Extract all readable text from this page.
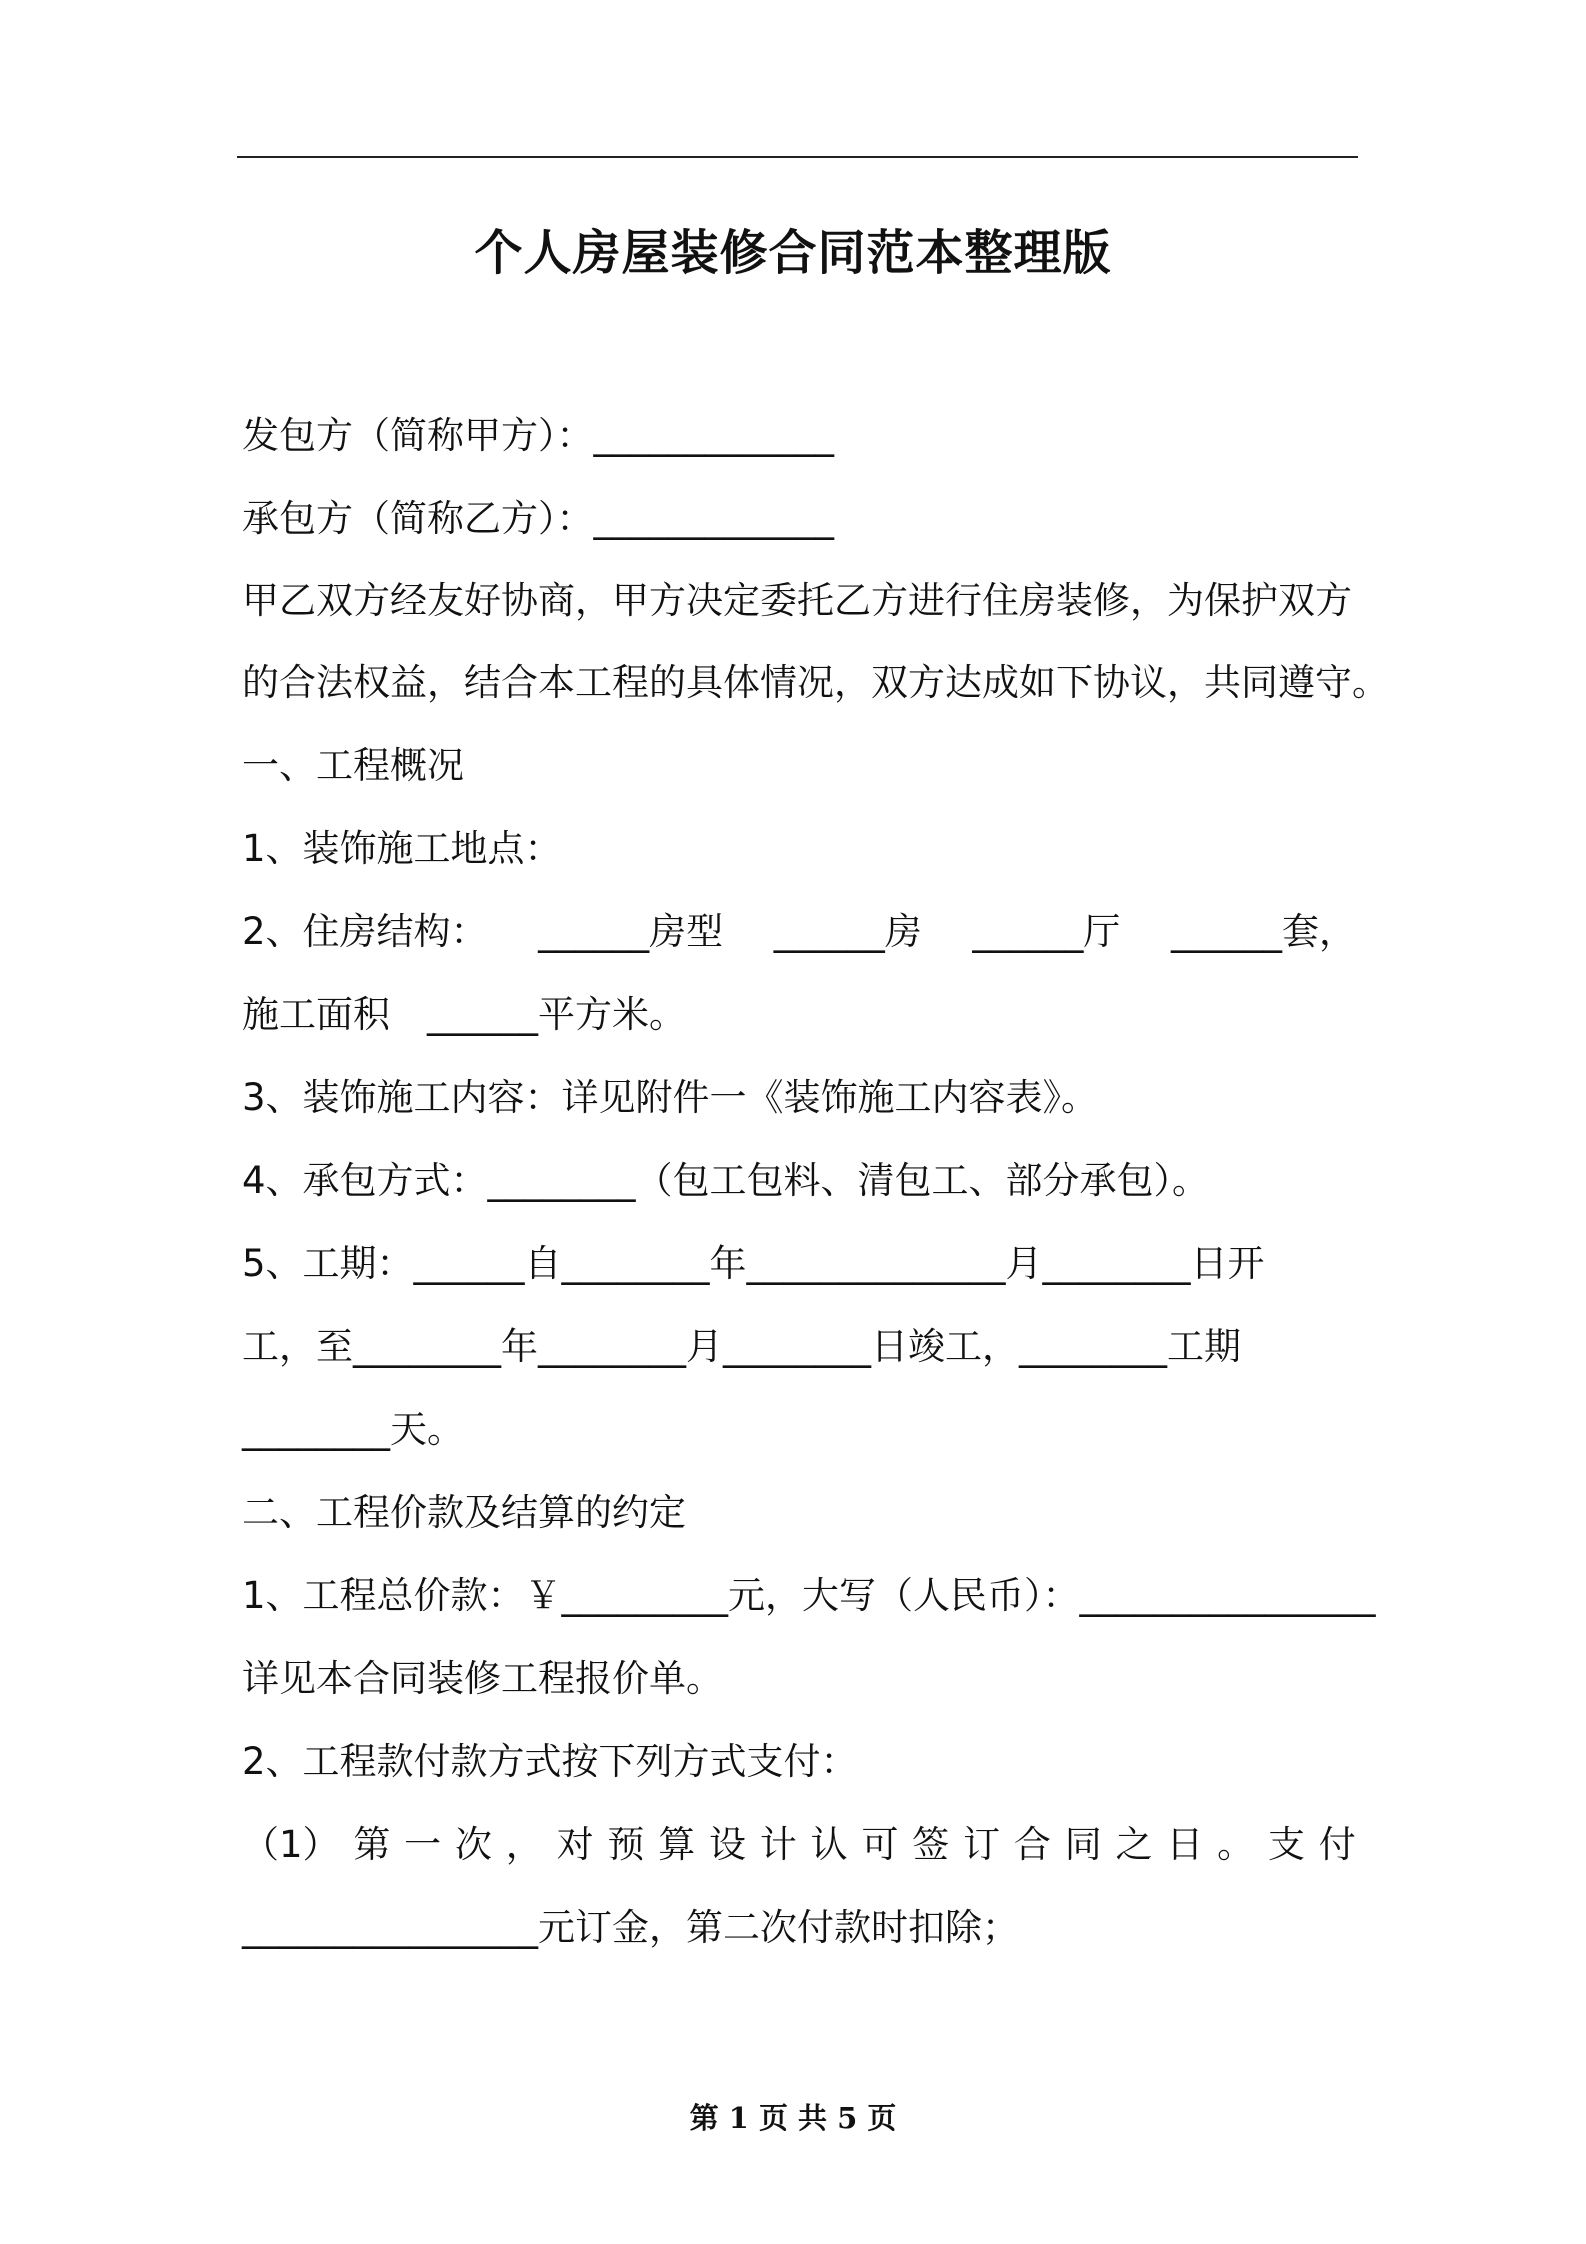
个人房屋装修合同范本整理版
发包方（简称甲方）：_____________
承包方（简称乙方）：_____________
甲乙双方经友好协商，甲方决定委托乙方进行住房装修，为保护双方
的合法权益，结合本工程的具体情况，双方达成如下协议，共同遵守。
一、工程概况
1、装饰施工地点：
2、住房结构： ______房型 ______房 ______厅 ______套，
施工面积　______平方米。
3、装饰施工内容：详见附件一《装饰施工内容表》。
4、承包方式：________（包工包料、清包工、部分承包）。
5、工期：______自________年______________月________日开
工，至________年________月________日竣工，________工期
________天。
二、工程价款及结算的约定
1、工程总价款：￥_________元，大写（人民币）：________________
详见本合同装修工程报价单。
2、工程款付款方式按下列方式支付：
（1） 第 一 次 ， 对 预 算 设 计 认 可 签 订 合 同 之 日 。 支 付
________________元订金，第二次付款时扣除；
第 1 页 共 5 页
